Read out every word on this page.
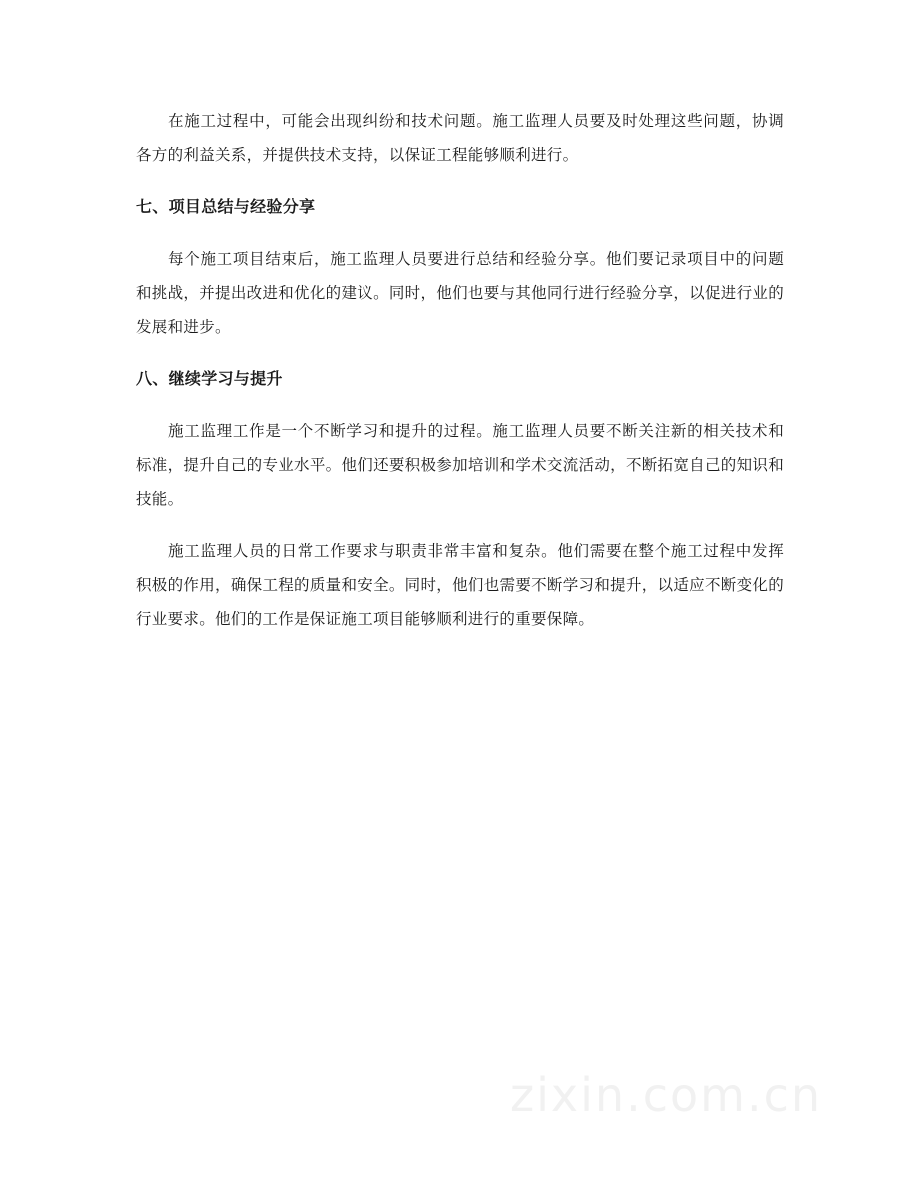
在施工过程中，可能会出现纠纷和技术问题。施工监理人员要及时处理这些问题，协调各方的利益关系，并提供技术支持，以保证工程能够顺利进行。

七、项目总结与经验分享

每个施工项目结束后，施工监理人员要进行总结和经验分享。他们要记录项目中的问题和挑战，并提出改进和优化的建议。同时，他们也要与其他同行进行经验分享，以促进行业的发展和进步。

八、继续学习与提升

施工监理工作是一个不断学习和提升的过程。施工监理人员要不断关注新的相关技术和标准，提升自己的专业水平。他们还要积极参加培训和学术交流活动，不断拓宽自己的知识和技能。

施工监理人员的日常工作要求与职责非常丰富和复杂。他们需要在整个施工过程中发挥积极的作用，确保工程的质量和安全。同时，他们也需要不断学习和提升，以适应不断变化的行业要求。他们的工作是保证施工项目能够顺利进行的重要保障。

zixin.com.cn
